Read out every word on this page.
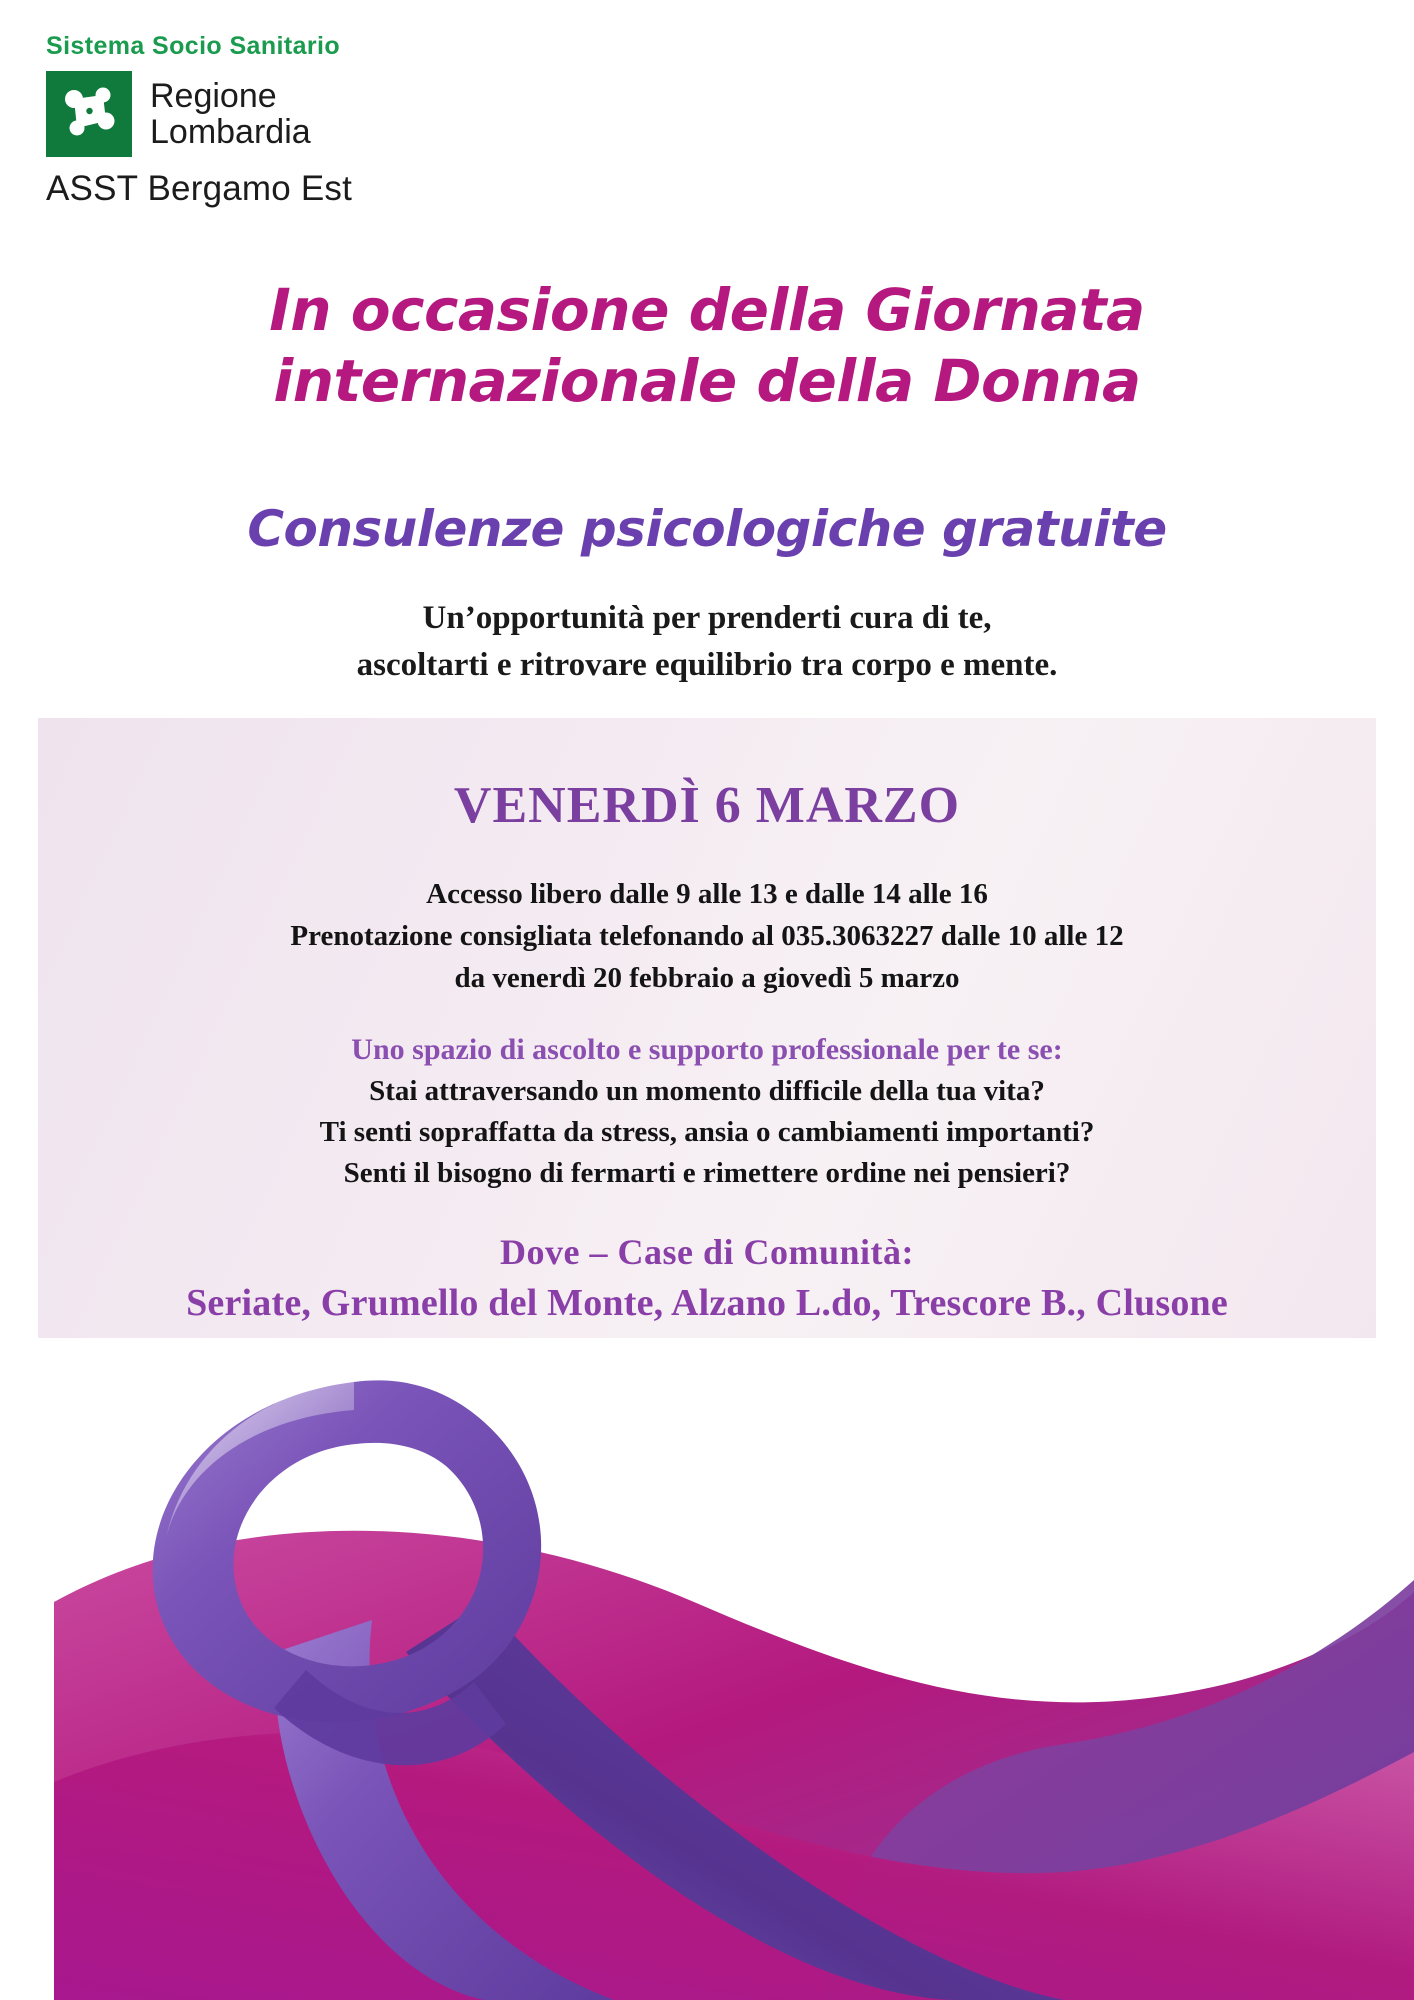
Sistema Socio Sanitario
Regione
Lombardia
ASST Bergamo Est
In occasione della Giornata
internazionale della Donna
Consulenze psicologiche gratuite
Un’opportunità per prenderti cura di te,
ascoltarti e ritrovare equilibrio tra corpo e mente.
VENERDÌ 6 MARZO
Accesso libero dalle 9 alle 13 e dalle 14 alle 16
Prenotazione consigliata telefonando al 035.3063227 dalle 10 alle 12
da venerdì 20 febbraio a giovedì 5 marzo
Uno spazio di ascolto e supporto professionale per te se:
Stai attraversando un momento difficile della tua vita?
Ti senti sopraffatta da stress, ansia o cambiamenti importanti?
Senti il bisogno di fermarti e rimettere ordine nei pensieri?
Dove – Case di Comunità:
Seriate, Grumello del Monte, Alzano L.do, Trescore B., Clusone
